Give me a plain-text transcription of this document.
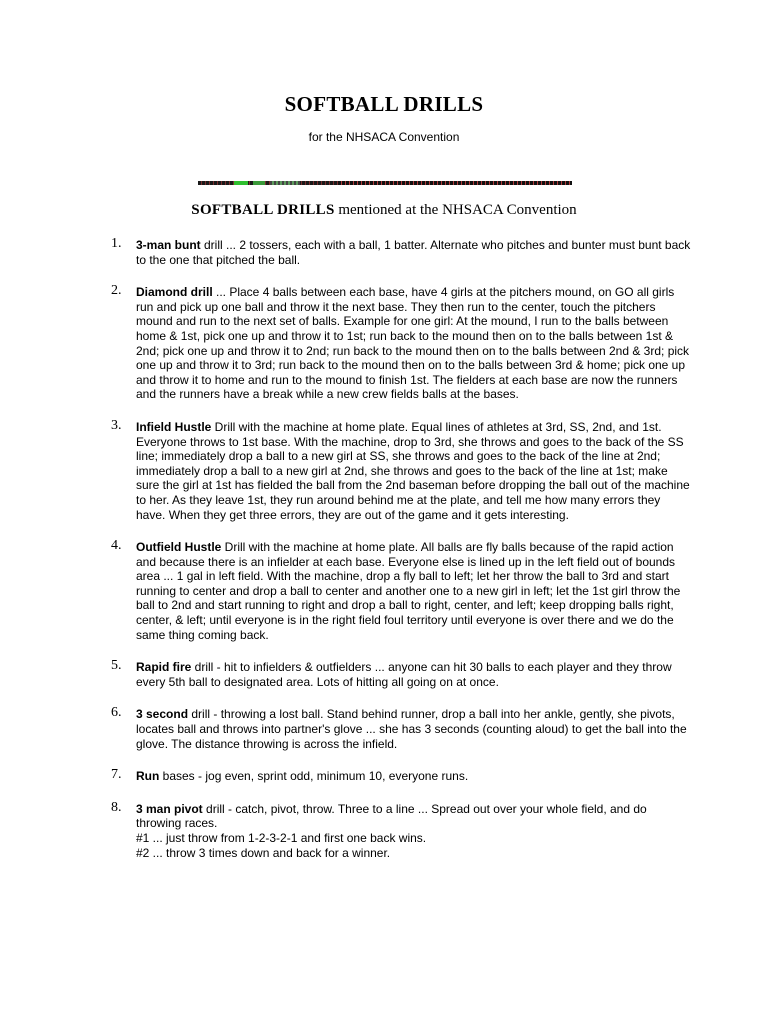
SOFTBALL DRILLS
for the NHSACA Convention
SOFTBALL DRILLS mentioned at the NHSACA Convention
1. 3-man bunt drill ... 2 tossers, each with a ball, 1 batter. Alternate who pitches and bunter must bunt back to the one that pitched the ball.
2. Diamond drill ... Place 4 balls between each base, have 4 girls at the pitchers mound, on GO all girls run and pick up one ball and throw it the next base. They then run to the center, touch the pitchers mound and run to the next set of balls. Example for one girl: At the mound, I run to the balls between home & 1st, pick one up and throw it to 1st; run back to the mound then on to the balls between 1st & 2nd; pick one up and throw it to 2nd; run back to the mound then on to the balls between 2nd & 3rd; pick one up and throw it to 3rd; run back to the mound then on to the balls between 3rd & home; pick one up and throw it to home and run to the mound to finish 1st. The fielders at each base are now the runners and the runners have a break while a new crew fields balls at the bases.
3. Infield Hustle Drill with the machine at home plate. Equal lines of athletes at 3rd, SS, 2nd, and 1st. Everyone throws to 1st base. With the machine, drop to 3rd, she throws and goes to the back of the SS line; immediately drop a ball to a new girl at SS, she throws and goes to the back of the line at 2nd; immediately drop a ball to a new girl at 2nd, she throws and goes to the back of the line at 1st; make sure the girl at 1st has fielded the ball from the 2nd baseman before dropping the ball out of the machine to her. As they leave 1st, they run around behind me at the plate, and tell me how many errors they have. When they get three errors, they are out of the game and it gets interesting.
4. Outfield Hustle Drill with the machine at home plate. All balls are fly balls because of the rapid action and because there is an infielder at each base. Everyone else is lined up in the left field out of bounds area ... 1 gal in left field. With the machine, drop a fly ball to left; let her throw the ball to 3rd and start running to center and drop a ball to center and another one to a new girl in left; let the 1st girl throw the ball to 2nd and start running to right and drop a ball to right, center, and left; keep dropping balls right, center, & left; until everyone is in the right field foul territory until everyone is over there and we do the same thing coming back.
5. Rapid fire drill - hit to infielders & outfielders ... anyone can hit 30 balls to each player and they throw every 5th ball to designated area. Lots of hitting all going on at once.
6. 3 second drill - throwing a lost ball. Stand behind runner, drop a ball into her ankle, gently, she pivots, locates ball and throws into partner's glove ... she has 3 seconds (counting aloud) to get the ball into the glove. The distance throwing is across the infield.
7. Run bases - jog even, sprint odd, minimum 10, everyone runs.
8. 3 man pivot drill - catch, pivot, throw. Three to a line ... Spread out over your whole field, and do throwing races.
#1 ... just throw from 1-2-3-2-1 and first one back wins.
#2 ... throw 3 times down and back for a winner.
